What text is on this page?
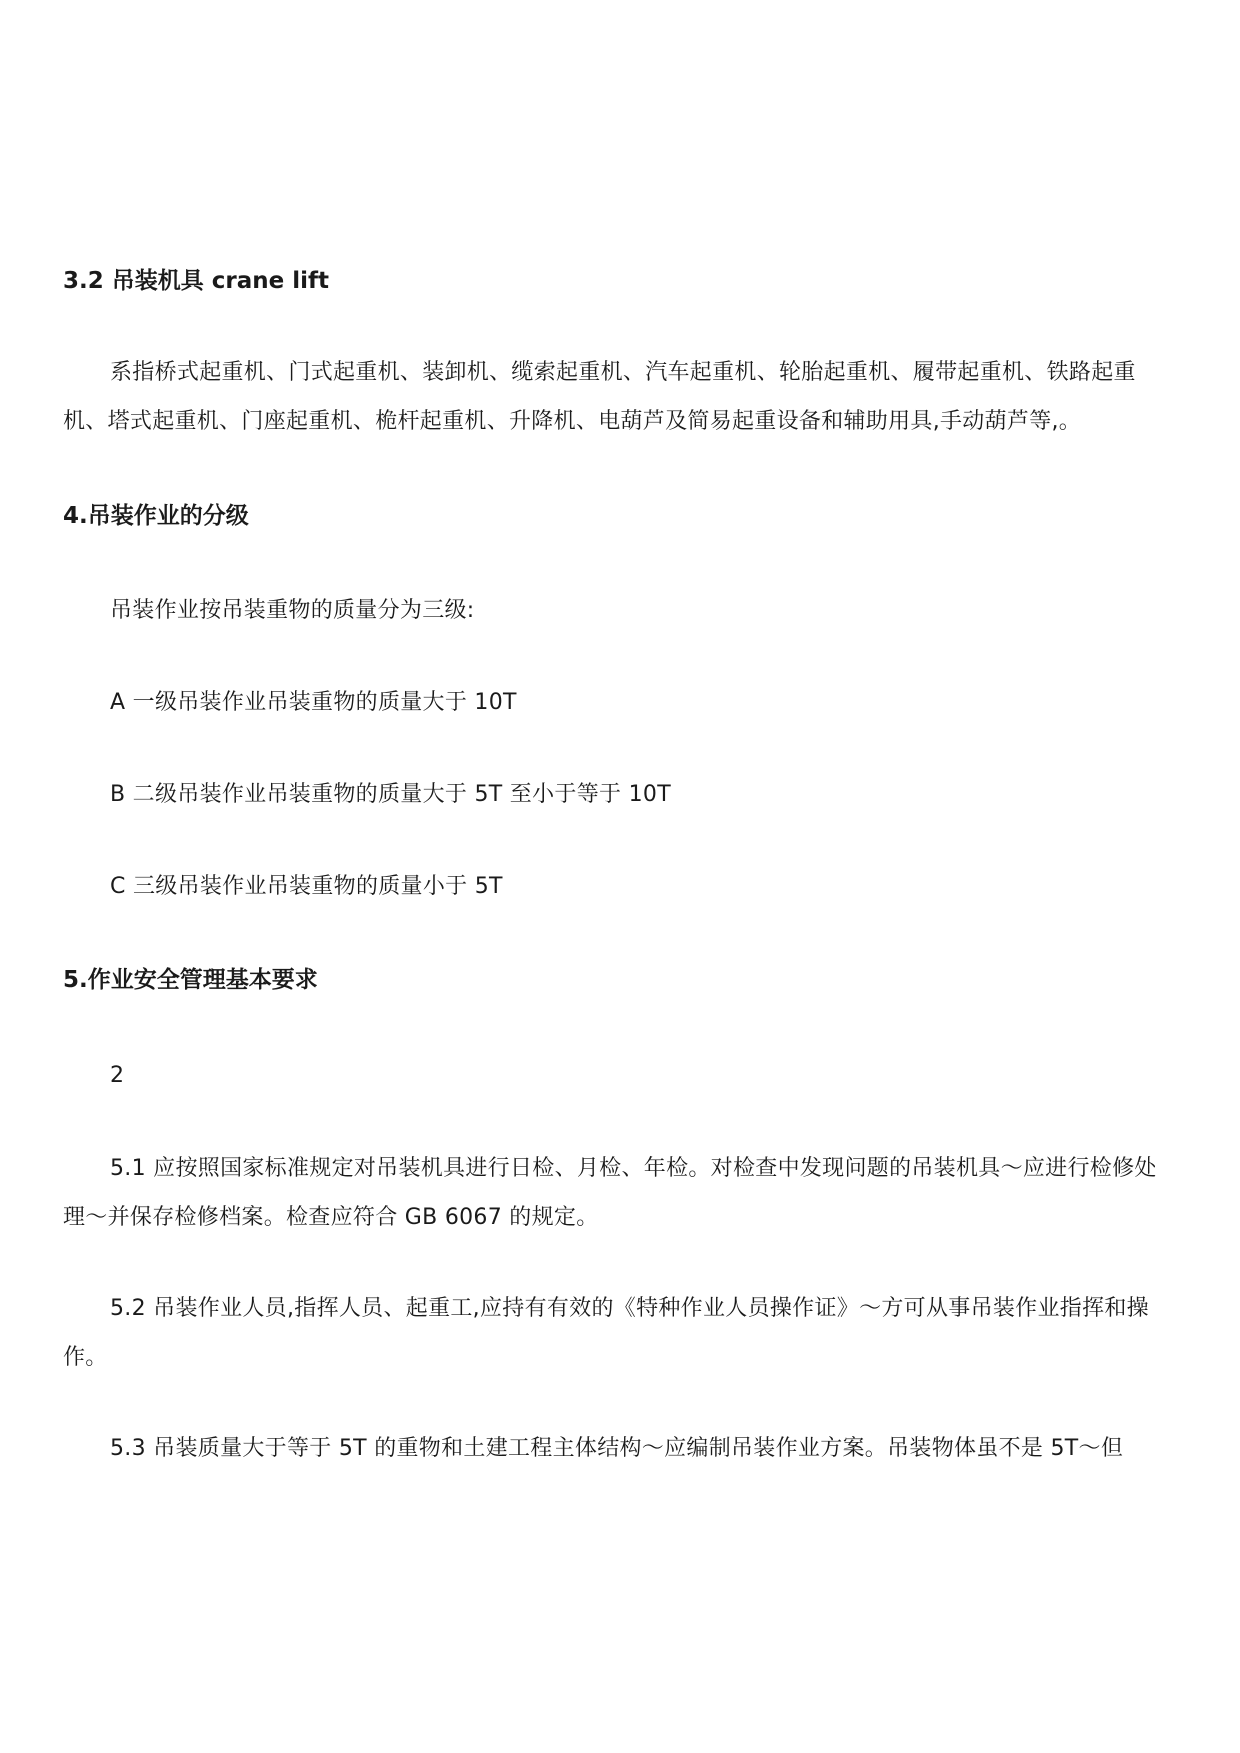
3.2 吊装机具 crane lift
系指桥式起重机、门式起重机、装卸机、缆索起重机、汽车起重机、轮胎起重机、履带起重机、铁路起重机、塔式起重机、门座起重机、桅杆起重机、升降机、电葫芦及简易起重设备和辅助用具,手动葫芦等,。
4.吊装作业的分级
吊装作业按吊装重物的质量分为三级:
A 一级吊装作业吊装重物的质量大于 10T
B 二级吊装作业吊装重物的质量大于 5T 至小于等于 10T
C 三级吊装作业吊装重物的质量小于 5T
5.作业安全管理基本要求
2
5.1 应按照国家标准规定对吊装机具进行日检、月检、年检。对检查中发现问题的吊装机具～应进行检修处理～并保存检修档案。检查应符合 GB 6067 的规定。
5.2 吊装作业人员,指挥人员、起重工,应持有有效的《特种作业人员操作证》～方可从事吊装作业指挥和操作。
5.3 吊装质量大于等于 5T 的重物和土建工程主体结构～应编制吊装作业方案。吊装物体虽不是 5T～但
